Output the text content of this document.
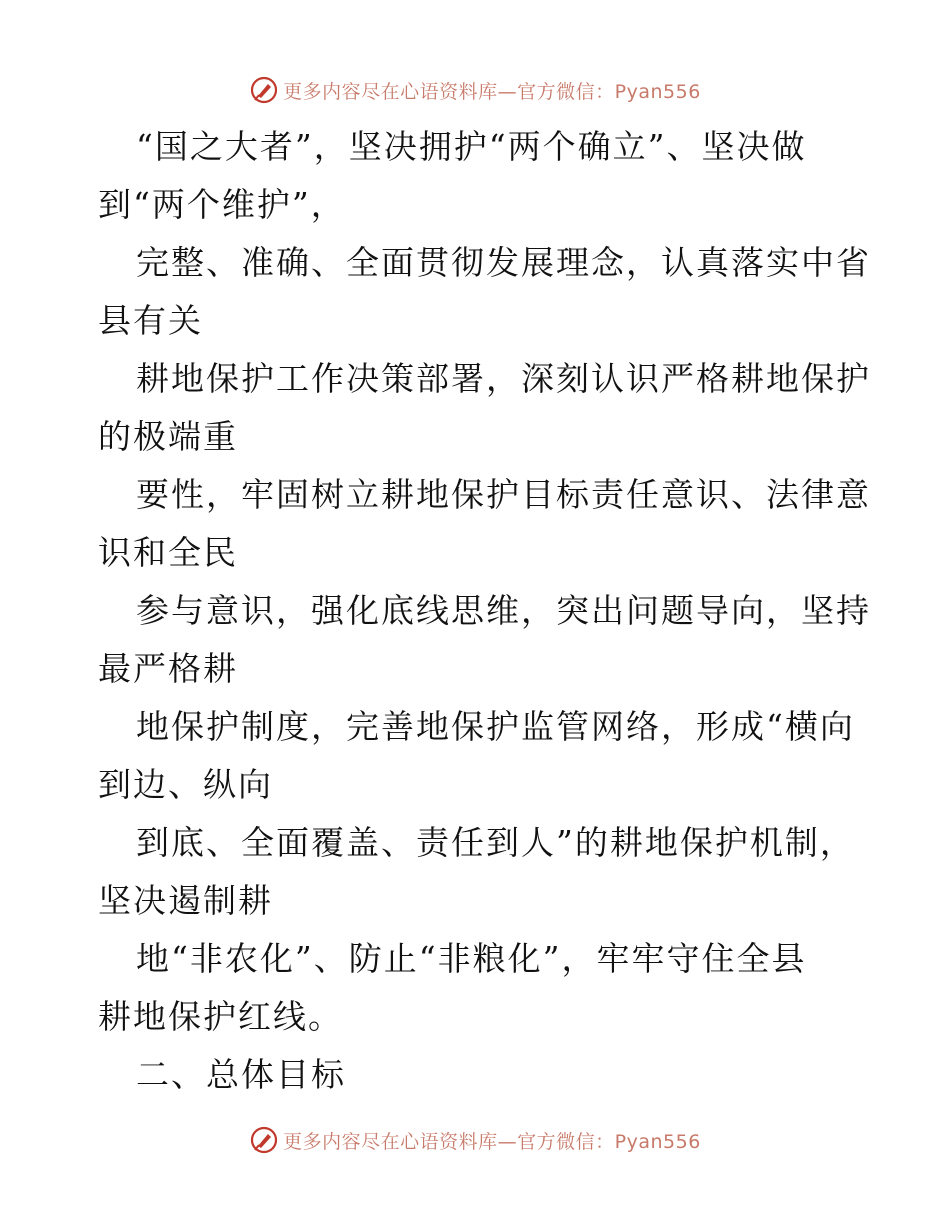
更多内容尽在心语资料库—官方微信：Pyan556
“国之大者”，坚决拥护“两个确立”、坚决做
到“两个维护”，
完整、准确、全面贯彻发展理念，认真落实中省
县有关
耕地保护工作决策部署，深刻认识严格耕地保护
的极端重
要性，牢固树立耕地保护目标责任意识、法律意
识和全民
参与意识，强化底线思维，突出问题导向，坚持
最严格耕
地保护制度，完善地保护监管网络，形成“横向
到边、纵向
到底、全面覆盖、责任到人”的耕地保护机制，
坚决遏制耕
地“非农化”、防止“非粮化”，牢牢守住全县
耕地保护红线。
二、总体目标
更多内容尽在心语资料库—官方微信：Pyan556
